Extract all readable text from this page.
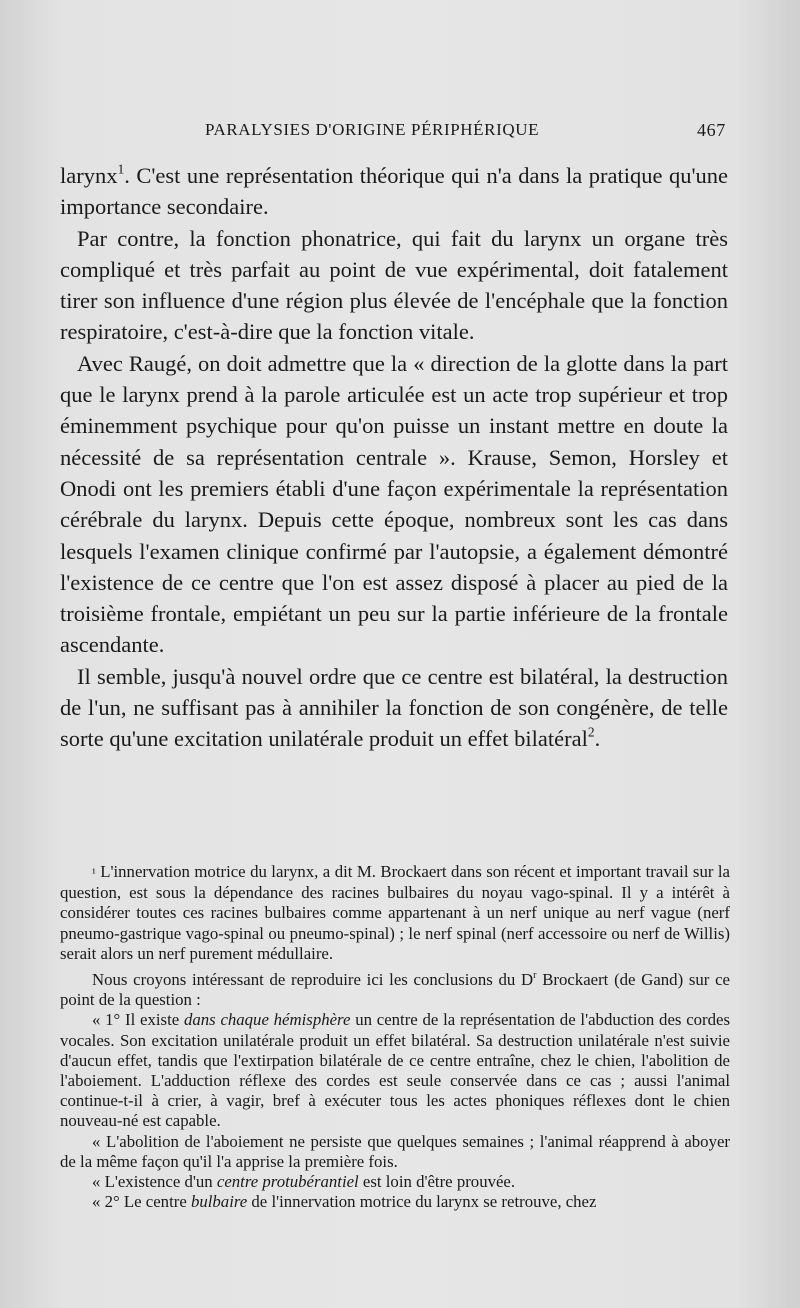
PARALYSIES D'ORIGINE PÉRIPHÉRIQUE	467

larynx$^1$. C'est une représentation théorique qui n'a dans la pratique qu'une importance secondaire.

Par contre, la fonction phonatrice, qui fait du larynx un organe très compliqué et très parfait au point de vue expérimental, doit fatalement tirer son influence d'une région plus élevée de l'encéphale que la fonction respiratoire, c'est-à-dire que la fonction vitale.

Avec Raugé, on doit admettre que la « direction de la glotte dans la part que le larynx prend à la parole articulée est un acte trop supérieur et trop éminemment psychique pour qu'on puisse un instant mettre en doute la nécessité de sa représentation centrale ». Krause, Semon, Horsley et Onodi ont les premiers établi d'une façon expérimentale la représentation cérébrale du larynx. Depuis cette époque, nombreux sont les cas dans lesquels l'examen clinique confirmé par l'autopsie, a également démontré l'existence de ce centre que l'on est assez disposé à placer au pied de la troisième frontale, empiétant un peu sur la partie inférieure de la frontale ascendante.

Il semble, jusqu'à nouvel ordre que ce centre est bilatéral, la destruction de l'un, ne suffisant pas à annihiler la fonction de son congénère, de telle sorte qu'une excitation unilatérale produit un effet bilatéral$^2$.

¹ L'innervation motrice du larynx, a dit M. Brockaert dans son récent et important travail sur la question, est sous la dépendance des racines bulbaires du noyau vago-spinal. Il y a intérêt à considérer toutes ces racines bulbaires comme appartenant à un nerf unique au nerf vague (nerf pneumo-gastrique vago-spinal ou pneumo-spinal) ; le nerf spinal (nerf accessoire ou nerf de Willis) serait alors un nerf purement médullaire.

Nous croyons intéressant de reproduire ici les conclusions du $D^r$ Brockaert (de Gand) sur ce point de la question :

« 1° Il existe dans chaque hémisphère un centre de la représentation de l'abduction des cordes vocales. Son excitation unilatérale produit un effet bilatéral. Sa destruction unilatérale n'est suivie d'aucun effet, tandis que l'extirpation bilatérale de ce centre entraîne, chez le chien, l'abolition de l'aboiement. L'adduction réflexe des cordes est seule conservée dans ce cas ; aussi l'animal continue-t-il à crier, à vagir, bref à exécuter tous les actes phoniques réflexes dont le chien nouveau-né est capable.

« L'abolition de l'aboiement ne persiste que quelques semaines ; l'animal réapprend à aboyer de la même façon qu'il l'a apprise la première fois.

« L'existence d'un centre protubérantiel est loin d'être prouvée.

« 2° Le centre bulbaire de l'innervation motrice du larynx se retrouve, chez
